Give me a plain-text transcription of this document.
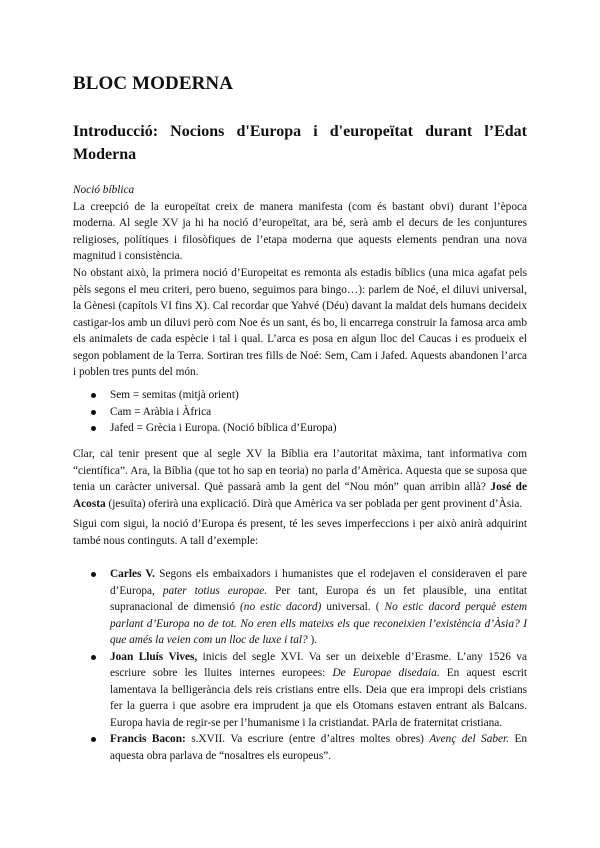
BLOC MODERNA
Introducció: Nocions d'Europa i d'europeïtat durant l’Edat
Moderna
Noció bíblica
La creepció de la europeïtat creix de manera manifesta (com és bastant obvi) durant l’època moderna. Al segle XV ja hi ha noció d’europeïtat, ara bé, serà amb el decurs de les conjuntures religioses, polítiques i filosòfiques de l’etapa moderna que aquests elements pendran una nova magnitud i consistència.
No obstant això, la primera noció d’Europeitat es remonta als estadis bíblics (una mica agafat pels pèls segons el meu criteri, pero bueno, seguimos para bingo…): parlem de Noé, el diluvi universal, la Gènesi (capítols VI fins X). Cal recordar que Yahvé (Déu) davant la maldat dels humans decideix castigar-los amb un diluvi però com Noe és un sant, és bo, li encarrega construir la famosa arca amb els animalets de cada espècie i tal i qual. L’arca es posa en algun lloc del Caucas i es produeix el segon poblament de la Terra. Sortiran tres fills de Noé: Sem, Cam i Jafed. Aquests abandonen l’arca i poblen tres punts del món.
Sem = semitas (mitjà orient)
Cam = Aràbia i Àfrica
Jafed = Grècia i Europa. (Noció bíblica d’Europa)
Clar, cal tenir present que al segle XV la Bíblia era l’autoritat màxima, tant informativa com “científica”. Ara, la Bíblia (que tot ho sap en teoria) no parla d’Amèrica. Aquesta que se suposa que tenia un caràcter universal. Què passarà amb la gent del “Nou món” quan arribin allà? José de Acosta (jesuïta) oferirà una explicació. Dirà que Amèrica va ser poblada per gent provinent d’Àsia.
Sigui com sigui, la noció d’Europa és present, té les seves imperfeccions i per això anirà adquirint també nous continguts. A tall d’exemple:
Carles V. Segons els embaixadors i humanistes que el rodejaven el consideraven el pare d’Europa, pater totius europae. Per tant, Europa és un fet plausible, una entitat supranacional de dimensió (no estic dacord) universal. ( No estic dacord perquè estem parlant d’Europa no de tot. No eren ells mateixs els que reconeixien l’existència d’Àsia? I que amés la veien com un lloc de luxe i tal? ).
Joan Lluís Vives, inicis del segle XVI. Va ser un deixeble d’Erasme. L’any 1526 va escriure sobre les lluites internes europees: De Europae disedaia. En aquest escrit lamentava la belligerància dels reis cristians entre ells. Deia que era impropi dels cristians fer la guerra i que asobre era imprudent ja que els Otomans estaven entrant als Balcans. Europa havia de regir-se per l’humanisme i la cristiandat. PArla de fraternitat cristiana.
Francis Bacon: s.XVII. Va escriure (entre d’altres moltes obres) Avenç del Saber. En aquesta obra parlava de “nosaltres els europeus”.
